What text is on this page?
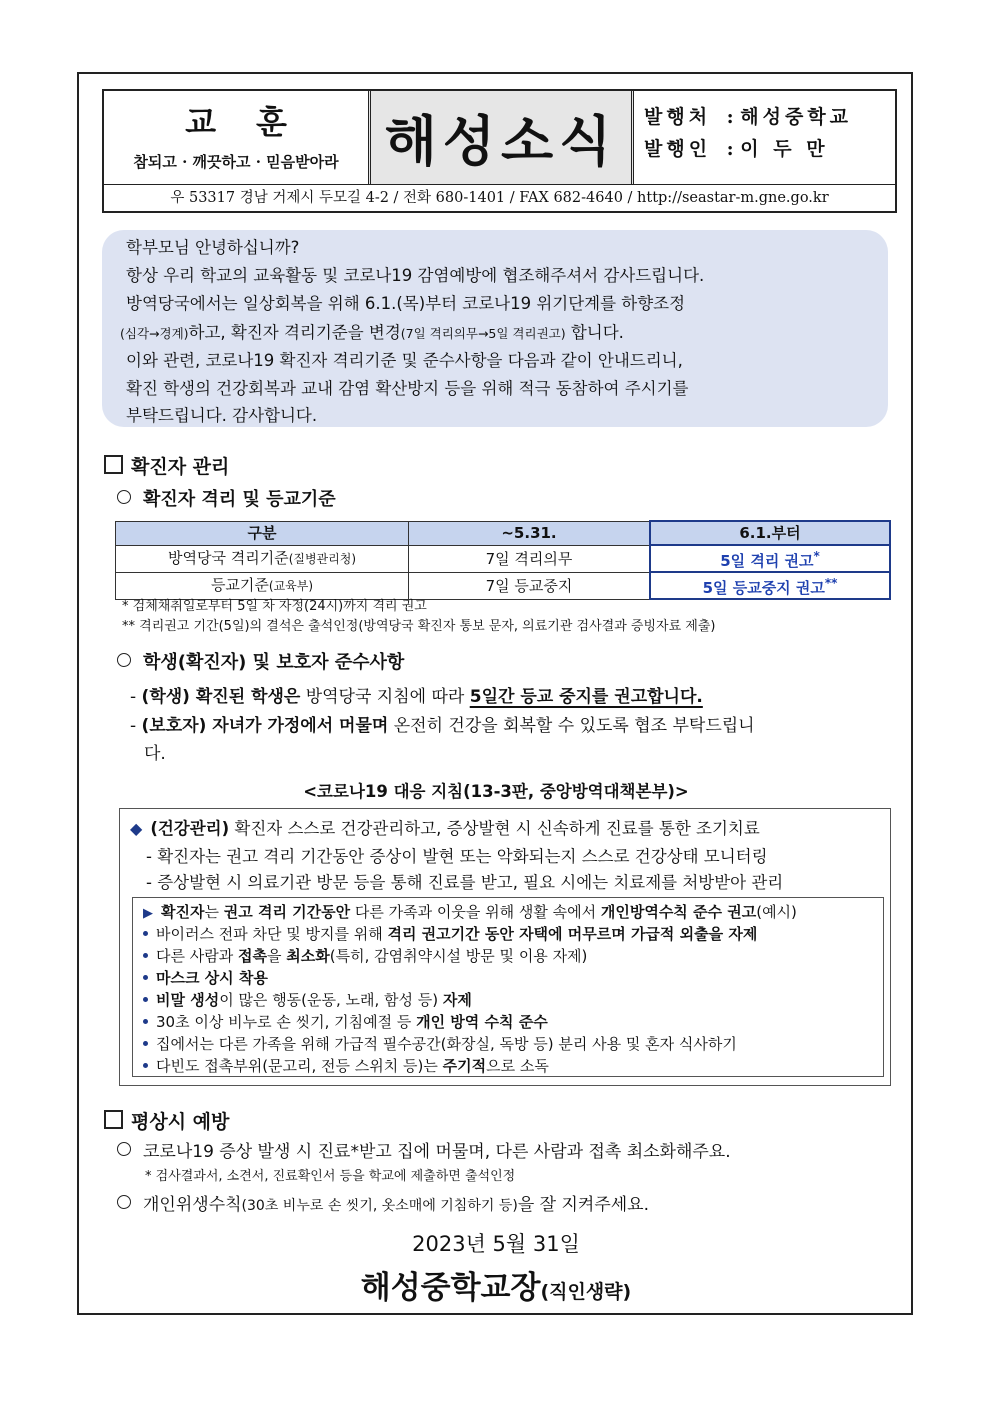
교훈
참되고 · 깨끗하고 · 믿음받아라 해성소식	발행처 : 해성중학교
발행인 : 이 두 만
우 53317 경남 거제시 두모길 4-2 / 전화 680-1401 / FAX 682-4640 / http://seastar-m.gne.go.kr

학부모님 안녕하십니까?

항상 우리 학교의 교육활동 및 코로나19 감염예방에 협조해주셔서 감사드립니다.

방역당국에서는 일상회복을 위해 6.1.(목)부터 코로나19 위기단계를 하향조정

(심각→경계)하고, 확진자 격리기준을 변경(7일 격리의무→5일 격리권고) 합니다.

이와 관련, 코로나19 확진자 격리기준 및 준수사항을 다음과 같이 안내드리니,

확진 학생의 건강회복과 교내 감염 확산방지 등을 위해 적극 동참하여 주시기를

부탁드립니다. 감사합니다.

확진자 관리

확진자 격리 및 등교기준

구분	~5.31.	6.1.부터
방역당국 격리기준(질병관리청)	7일 격리의무	5일 격리 권고*
등교기준(교육부)	7일 등교중지	5일 등교중지 권고**

* 검체채취일로부터 5일 차 자정(24시)까지 격리 권고

** 격리권고 기간(5일)의 결석은 출석인정(방역당국 확진자 통보 문자, 의료기관 검사결과 증빙자료 제출)

학생(확진자) 및 보호자 준수사항

- (학생) 확진된 학생은 방역당국 지침에 따라 5일간 등교 중지를 권고합니다.

- (보호자) 자녀가 가정에서 머물며 온전히 건강을 회복할 수 있도록 협조 부탁드립니

다.

<코로나19 대응 지침(13-3판, 중앙방역대책본부)>

◆ (건강관리) 확진자 스스로 건강관리하고, 증상발현 시 신속하게 진료를 통한 조기치료

- 확진자는 권고 격리 기간동안 증상이 발현 또는 악화되는지 스스로 건강상태 모니터링

- 증상발현 시 의료기관 방문 등을 통해 진료를 받고, 필요 시에는 치료제를 처방받아 관리

▶ 확진자는 권고 격리 기간동안 다른 가족과 이웃을 위해 생활 속에서 개인방역수칙 준수 권고(예시)

바이러스 전파 차단 및 방지를 위해 격리 권고기간 동안 자택에 머무르며 가급적 외출을 자제

다른 사람과 접촉을 최소화(특히, 감염취약시설 방문 및 이용 자제)

마스크 상시 착용

비말 생성이 많은 행동(운동, 노래, 함성 등) 자제

30초 이상 비누로 손 씻기, 기침예절 등 개인 방역 수칙 준수

집에서는 다른 가족을 위해 가급적 필수공간(화장실, 독방 등) 분리 사용 및 혼자 식사하기

다빈도 접촉부위(문고리, 전등 스위치 등)는 주기적으로 소독

평상시 예방

코로나19 증상 발생 시 진료*받고 집에 머물며, 다른 사람과 접촉 최소화해주요.

* 검사결과서, 소견서, 진료확인서 등을 학교에 제출하면 출석인정

개인위생수칙(30초 비누로 손 씻기, 옷소매에 기침하기 등)을 잘 지켜주세요.

2023년 5월 31일
해성중학교장(직인생략)
